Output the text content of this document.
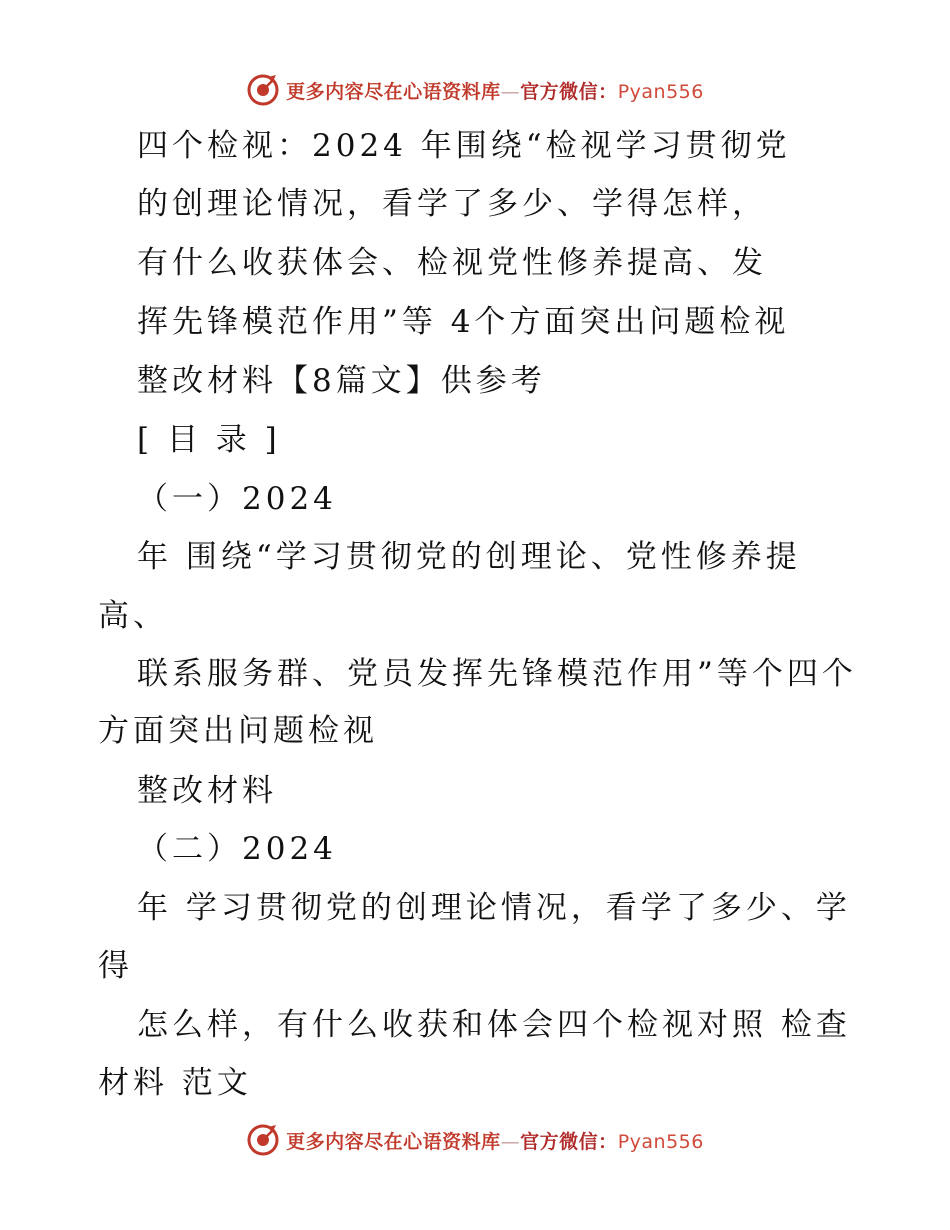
更多内容尽在心语资料库—官方微信：Pyan556
四个检视：2024 年围绕“检视学习贯彻党
的创理论情况，看学了多少、学得怎样，
有什么收获体会、检视党性修养提高、发
挥先锋模范作用”等 4个方面突出问题检视
整改材料【8篇文】供参考
[ 目 录 ]
（一）2024
年 围绕“学习贯彻党的创理论、党性修养提
高、
联系服务群、党员发挥先锋模范作用”等个四个
方面突出问题检视
整改材料
（二）2024
年 学习贯彻党的创理论情况，看学了多少、学
得
怎么样，有什么收获和体会四个检视对照 检查
材料 范文
更多内容尽在心语资料库—官方微信：Pyan556
